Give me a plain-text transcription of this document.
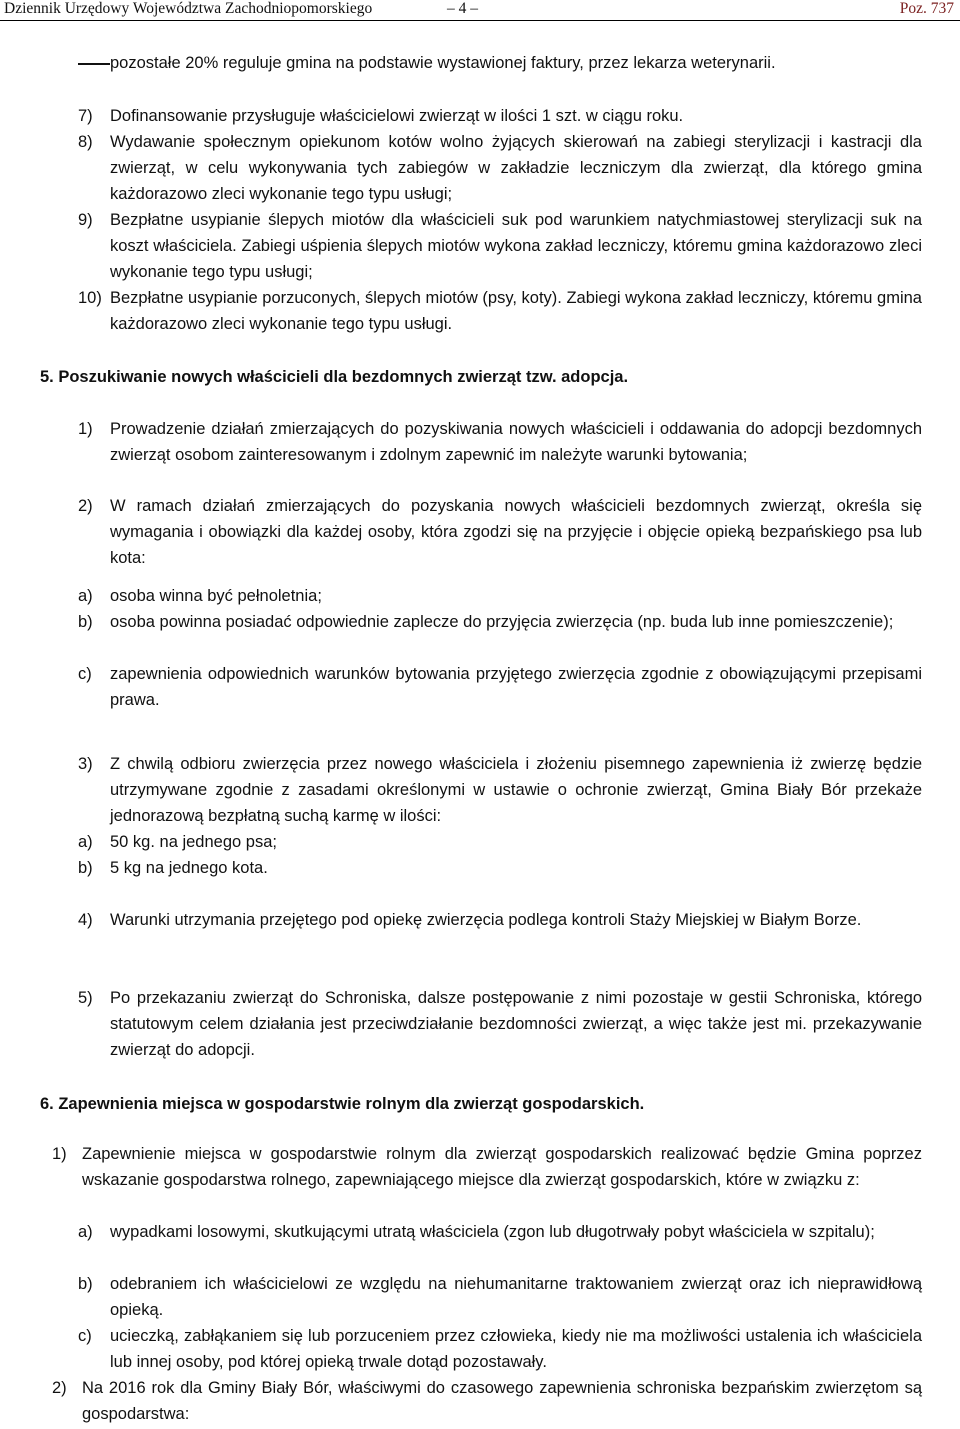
Dziennik Urzędowy Województwa Zachodniopomorskiego	– 4 –	Poz. 737
pozostałe 20% reguluje gmina na podstawie wystawionej faktury, przez lekarza weterynarii.
7) Dofinansowanie przysługuje właścicielowi zwierząt w ilości 1 szt. w ciągu roku.
8) Wydawanie społecznym opiekunom kotów wolno żyjących skierowań na zabiegi sterylizacji i kastracji dla zwierząt, w celu wykonywania tych zabiegów w zakładzie leczniczym dla zwierząt, dla którego gmina każdorazowo zleci wykonanie tego typu usługi;
9) Bezpłatne usypianie ślepych miotów dla właścicieli suk pod warunkiem natychmiastowej sterylizacji suk na koszt właściciela. Zabiegi uśpienia ślepych miotów wykona zakład leczniczy, któremu gmina każdorazowo zleci wykonanie tego typu usługi;
10) Bezpłatne usypianie porzuconych, ślepych miotów (psy, koty). Zabiegi wykona zakład leczniczy, któremu gmina każdorazowo zleci wykonanie tego typu usługi.
5. Poszukiwanie nowych właścicieli dla bezdomnych zwierząt tzw. adopcja.
1) Prowadzenie działań zmierzających do pozyskiwania nowych właścicieli i oddawania do adopcji bezdomnych zwierząt osobom zainteresowanym i zdolnym zapewnić im należyte warunki bytowania;
2) W ramach działań zmierzających do pozyskania nowych właścicieli bezdomnych zwierząt, określa się wymagania i obowiązki dla każdej osoby, która zgodzi się na przyjęcie i objęcie opieką bezpańskiego psa lub kota:
a) osoba winna być pełnoletnia;
b) osoba powinna posiadać odpowiednie zaplecze do przyjęcia zwierzęcia (np. buda lub inne pomieszczenie);
c) zapewnienia odpowiednich warunków bytowania przyjętego zwierzęcia zgodnie z obowiązującymi przepisami prawa.
3) Z chwilą odbioru zwierzęcia przez nowego właściciela i złożeniu pisemnego zapewnienia iż zwierzę będzie utrzymywane zgodnie z zasadami określonymi w ustawie o ochronie zwierząt, Gmina Biały Bór przekaże jednorazową bezpłatną suchą karmę w ilości:
a) 50 kg. na jednego psa;
b) 5 kg na jednego kota.
4) Warunki utrzymania przejętego pod opiekę zwierzęcia podlega kontroli Staży Miejskiej w Białym Borze.
5) Po przekazaniu zwierząt do Schroniska, dalsze postępowanie z nimi pozostaje w gestii Schroniska, którego statutowym celem działania jest przeciwdziałanie bezdomności zwierząt, a więc także jest mi. przekazywanie zwierząt do adopcji.
6. Zapewnienia miejsca w gospodarstwie rolnym dla zwierząt gospodarskich.
1) Zapewnienie miejsca w gospodarstwie rolnym dla zwierząt gospodarskich realizować będzie Gmina poprzez wskazanie gospodarstwa rolnego, zapewniającego miejsce dla zwierząt gospodarskich, które w związku z:
a) wypadkami losowymi, skutkującymi utratą właściciela (zgon lub długotrwały pobyt właściciela w szpitalu);
b) odebraniem ich właścicielowi ze względu na niehumanitarne traktowaniem zwierząt oraz ich nieprawidłową opieką.
c) ucieczką, zabłąkaniem się lub porzuceniem przez człowieka, kiedy nie ma możliwości ustalenia ich właściciela lub innej osoby, pod której opieką trwale dotąd pozostawały.
2) Na 2016 rok dla Gminy Biały Bór, właściwymi do czasowego zapewnienia schroniska bezpańskim zwierzętom są gospodarstwa:
